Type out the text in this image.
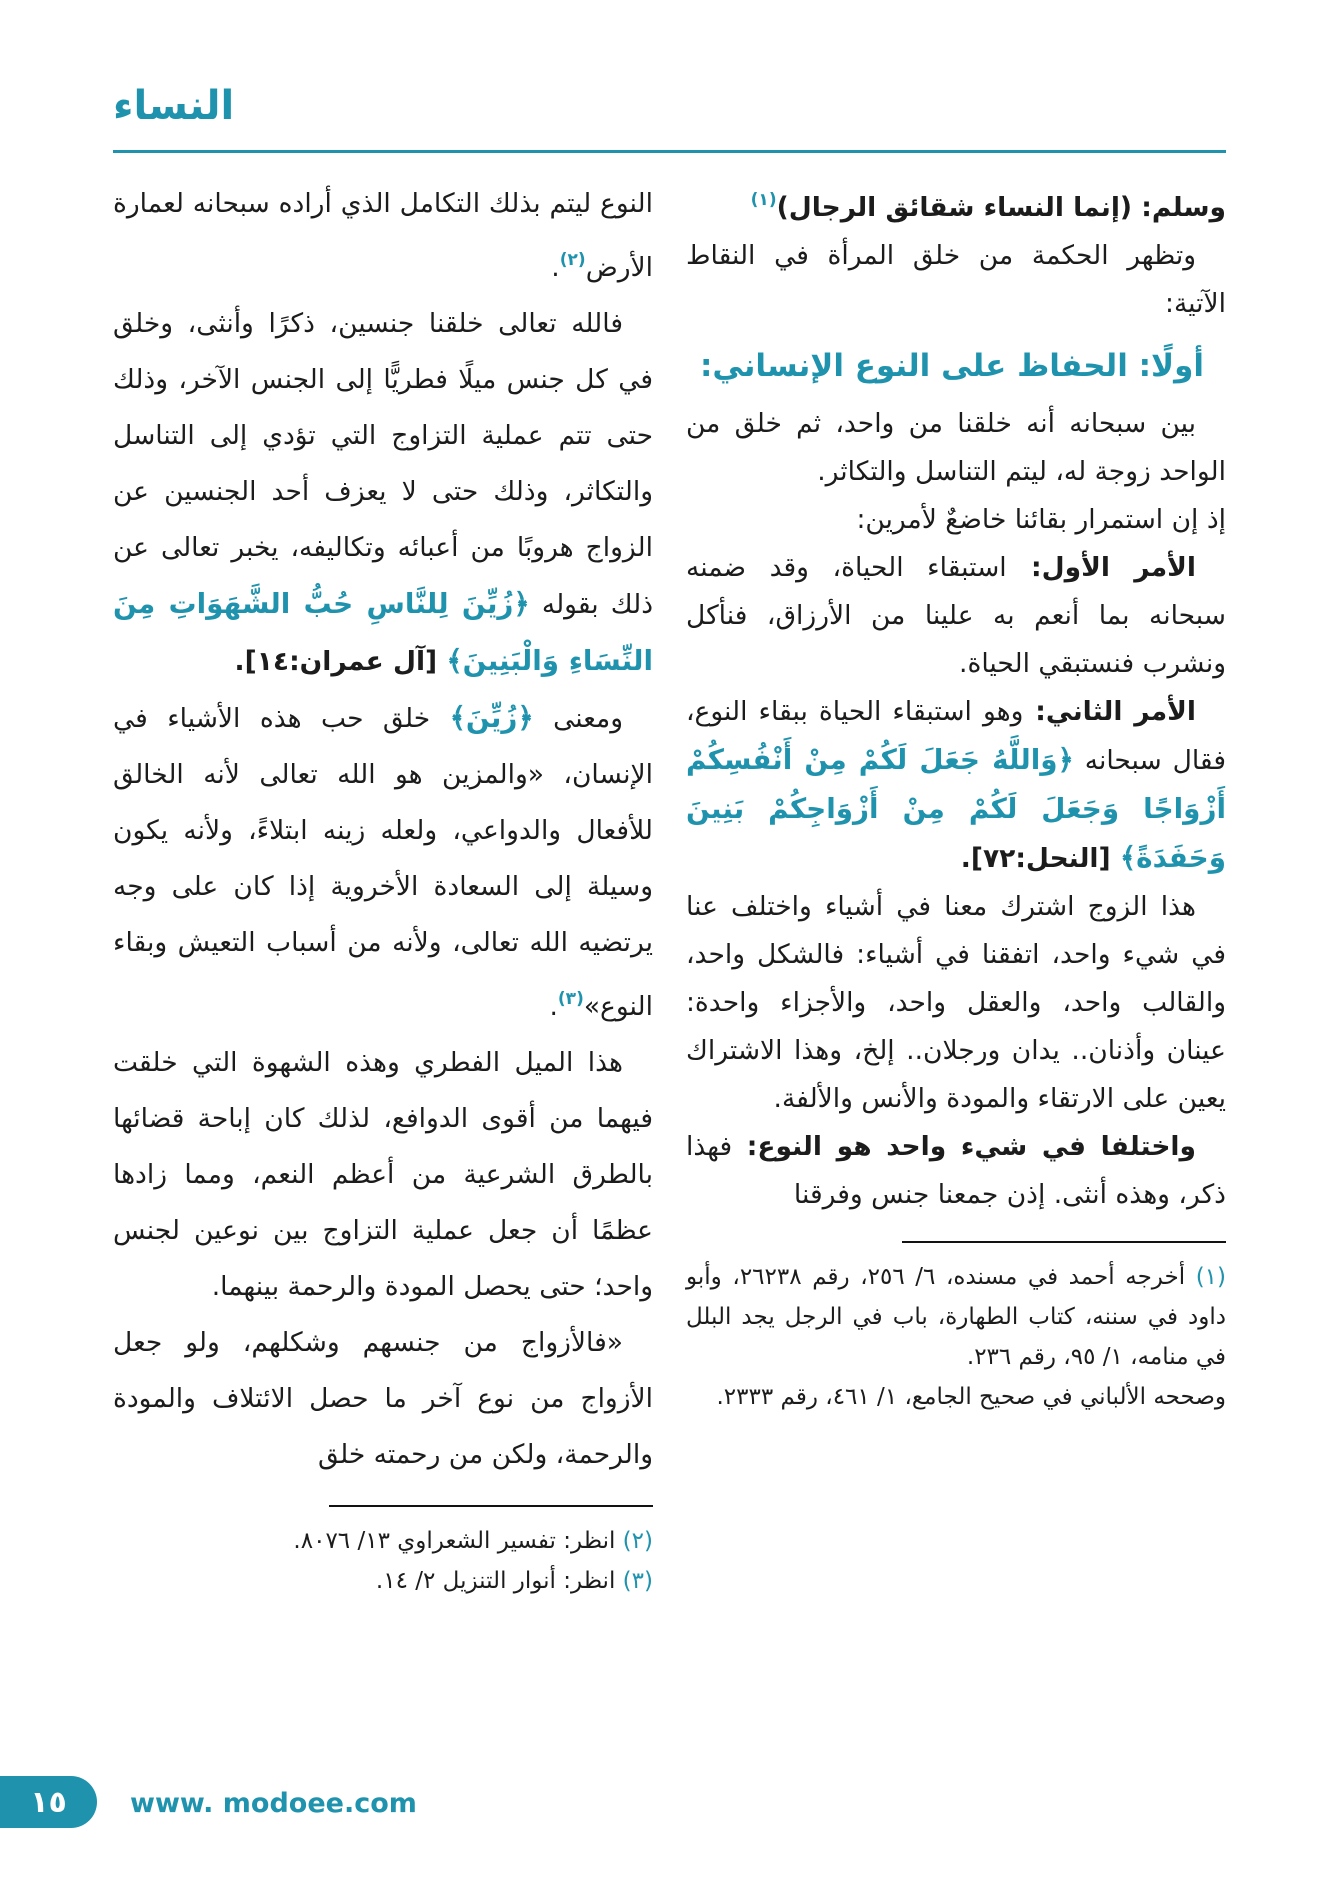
النساء

وسلم: (إنما النساء شقائق الرجال)$^{(١)}$

وتظهر الحكمة من خلق المرأة في النقاط الآتية:

أولًا: الحفاظ على النوع الإنساني:

بين سبحانه أنه خلقنا من واحد، ثم خلق من الواحد زوجة له، ليتم التناسل والتكاثر.

إذ إن استمرار بقائنا خاضعٌ لأمرين:

الأمر الأول: استبقاء الحياة، وقد ضمنه سبحانه بما أنعم به علينا من الأرزاق، فنأكل ونشرب فنستبقي الحياة.

الأمر الثاني: وهو استبقاء الحياة ببقاء النوع، فقال سبحانه ﴿وَاللَّهُ جَعَلَ لَكُمْ مِنْ أَنْفُسِكُمْ أَزْوَاجًا وَجَعَلَ لَكُمْ مِنْ أَزْوَاجِكُمْ بَنِينَ وَحَفَدَةً﴾ [النحل:٧٢].

هذا الزوج اشترك معنا في أشياء واختلف عنا في شيء واحد، اتفقنا في أشياء: فالشكل واحد، والقالب واحد، والعقل واحد، والأجزاء واحدة: عينان وأذنان.. يدان ورجلان.. إلخ، وهذا الاشتراك يعين على الارتقاء والمودة والأنس والألفة.

واختلفا في شيء واحد هو النوع: فهذا ذكر، وهذه أنثى. إذن جمعنا جنس وفرقنا

(١) أخرجه أحمد في مسنده، ٦/ ٢٥٦، رقم ٢٦٢٣٨، وأبو داود في سننه، كتاب الطهارة، باب في الرجل يجد البلل في منامه، ١/ ٩٥، رقم ٢٣٦.

وصححه الألباني في صحيح الجامع، ١/ ٤٦١، رقم ٢٣٣٣.

النوع ليتم بذلك التكامل الذي أراده سبحانه لعمارة الأرض$^{(٢)}$.

فالله تعالى خلقنا جنسين، ذكرًا وأنثى، وخلق في كل جنس ميلًا فطريًّا إلى الجنس الآخر، وذلك حتى تتم عملية التزاوج التي تؤدي إلى التناسل والتكاثر، وذلك حتى لا يعزف أحد الجنسين عن الزواج هروبًا من أعبائه وتكاليفه، يخبر تعالى عن ذلك بقوله ﴿زُيِّنَ لِلنَّاسِ حُبُّ الشَّهَوَاتِ مِنَ النِّسَاءِ وَالْبَنِينَ﴾ [آل عمران:١٤].

ومعنى ﴿زُيِّنَ﴾ خلق حب هذه الأشياء في الإنسان، «والمزين هو الله تعالى لأنه الخالق للأفعال والدواعي، ولعله زينه ابتلاءً، ولأنه يكون وسيلة إلى السعادة الأخروية إذا كان على وجه يرتضيه الله تعالى، ولأنه من أسباب التعيش وبقاء النوع»$^{(٣)}$.

هذا الميل الفطري وهذه الشهوة التي خلقت فيهما من أقوى الدوافع، لذلك كان إباحة قضائها بالطرق الشرعية من أعظم النعم، ومما زادها عظمًا أن جعل عملية التزاوج بين نوعين لجنس واحد؛ حتى يحصل المودة والرحمة بينهما.

«فالأزواج من جنسهم وشكلهم، ولو جعل الأزواج من نوع آخر ما حصل الائتلاف والمودة والرحمة، ولكن من رحمته خلق

(٢) انظر: تفسير الشعراوي ١٣/ ٨٠٧٦.

(٣) انظر: أنوار التنزيل ٢/ ١٤.

١٥ www. modoee.com
